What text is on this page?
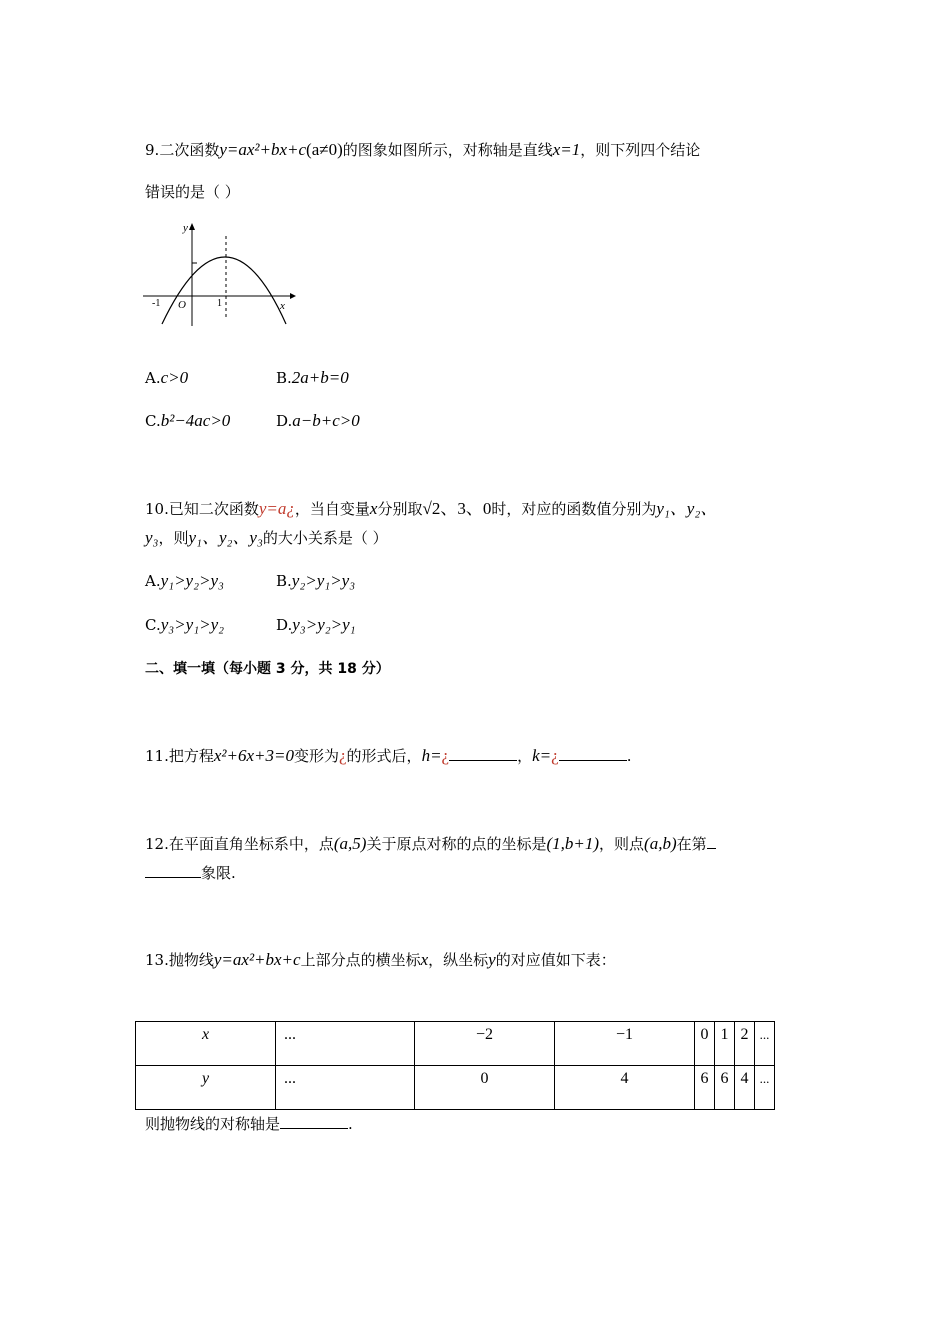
9.二次函数y=ax²+bx+c(a≠0)的图象如图所示，对称轴是直线x=1，则下列四个结论
错误的是（ ）
y
x
O
-1	1
A.c>0	B.2a+b=0
C.b²−4ac>0	D.a−b+c>0
10.已知二次函数y=a¿，当自变量x分别取√2、3、0时，对应的函数值分别为y₁、y₂、
y₃，则y₁、y₂、y₃的大小关系是（ ）
A.y₁>y₂>y₃	B.y₂>y₁>y₃
C.y₃>y₁>y₂	D.y₃>y₂>y₁
二、填一填（每小题 3 分，共 18 分）
11.把方程x²+6x+3=0变形为¿的形式后，h=¿	，k=¿	.
12.在平面直角坐标系中，点(a,5)关于原点对称的点的坐标是(1,b+1)，则点(a,b)在第
象限.
13.抛物线y=ax²+bx+c上部分点的横坐标x，纵坐标y的对应值如下表：
x	...	−2	−1	0	1	2	...
y	...	0	4	6	6	4	...
则抛物线的对称轴是	.
